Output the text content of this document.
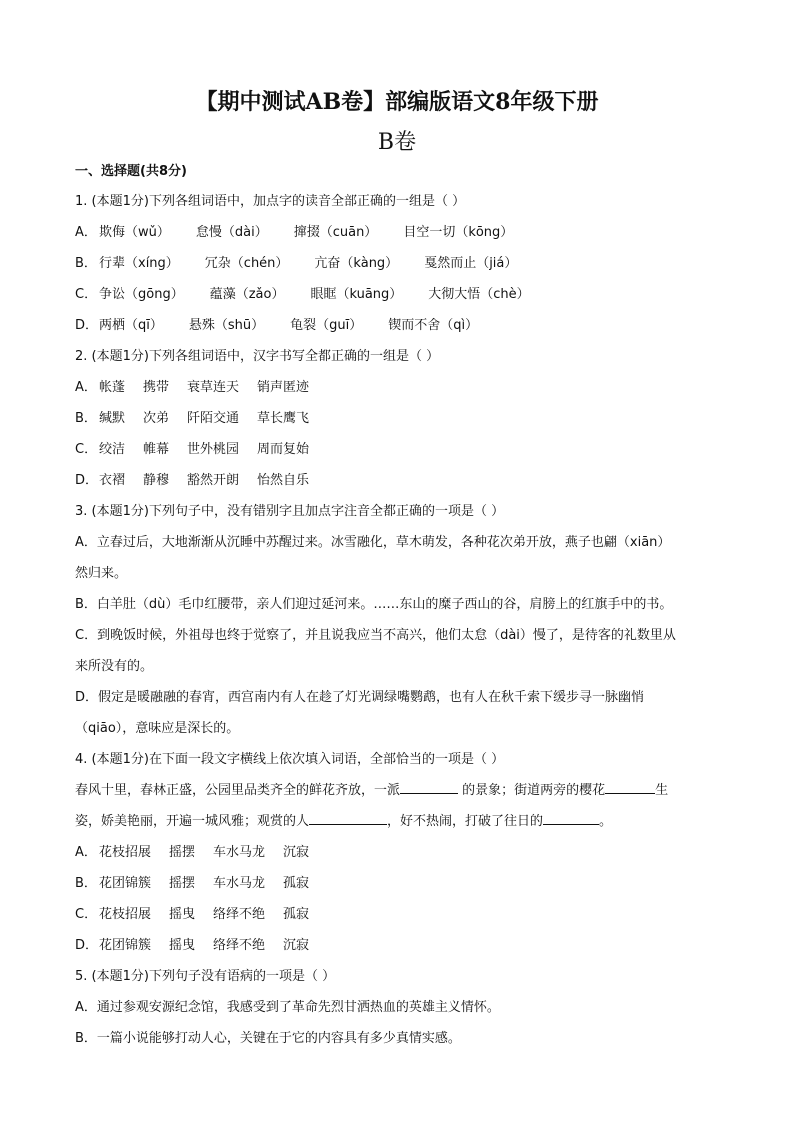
【期中测试AB卷】部编版语文8年级下册
B卷
一、选择题(共8分)
1. (本题1分)下列各组词语中，加点字的读音全部正确的一组是（ ）
A． 欺侮（wǔ） 怠慢（dài） 撺掇（cuān） 目空一切（kōng）
B． 行辈（xíng） 冗杂（chén） 亢奋（kàng） 戛然而止（jiá）
C． 争讼（gōng） 蕴藻（zǎo） 眼眶（kuāng） 大彻大悟（chè）
D． 两栖（qī） 悬殊（shū） 龟裂（guī） 锲而不舍（qì）
2. (本题1分)下列各组词语中，汉字书写全都正确的一组是（ ）
A． 帐蓬 携带 衰草连天 销声匿迹
B． 缄默 次弟 阡陌交通 草长鹰飞
C． 绞洁 帷幕 世外桃园 周而复始
D． 衣褶 静穆 豁然开朗 怡然自乐
3. (本题1分)下列句子中，没有错别字且加点字注音全都正确的一项是（ ）
A．立春过后，大地渐渐从沉睡中苏醒过来。冰雪融化，草木萌发，各种花次弟开放，燕子也翩（xiān）
然归来。
B．白羊肚（dù）毛巾红腰带，亲人们迎过延河来。……东山的糜子西山的谷，肩膀上的红旗手中的书。
C．到晚饭时候，外祖母也终于觉察了，并且说我应当不高兴，他们太怠（dài）慢了，是待客的礼数里从
来所没有的。
D．假定是暖融融的春宵，西宫南内有人在趁了灯光调绿嘴鹦鹉，也有人在秋千索下缓步寻一脉幽悄
（qiāo），意味应是深长的。
4. (本题1分)在下面一段文字横线上依次填入词语，全部恰当的一项是（ ）
春风十里，春林正盛，公园里品类齐全的鲜花齐放，一派	的景象；街道两旁的樱花	生
姿，娇美艳丽，开遍一城风雅；观赏的人	，好不热闹，打破了往日的	。
A． 花枝招展 摇摆 车水马龙 沉寂
B． 花团锦簇 摇摆 车水马龙 孤寂
C． 花枝招展 摇曳 络绎不绝 孤寂
D． 花团锦簇 摇曳 络绎不绝 沉寂
5. (本题1分)下列句子没有语病的一项是（ ）
A．通过参观安源纪念馆，我感受到了革命先烈甘洒热血的英雄主义情怀。
B．一篇小说能够打动人心，关键在于它的内容具有多少真情实感。
